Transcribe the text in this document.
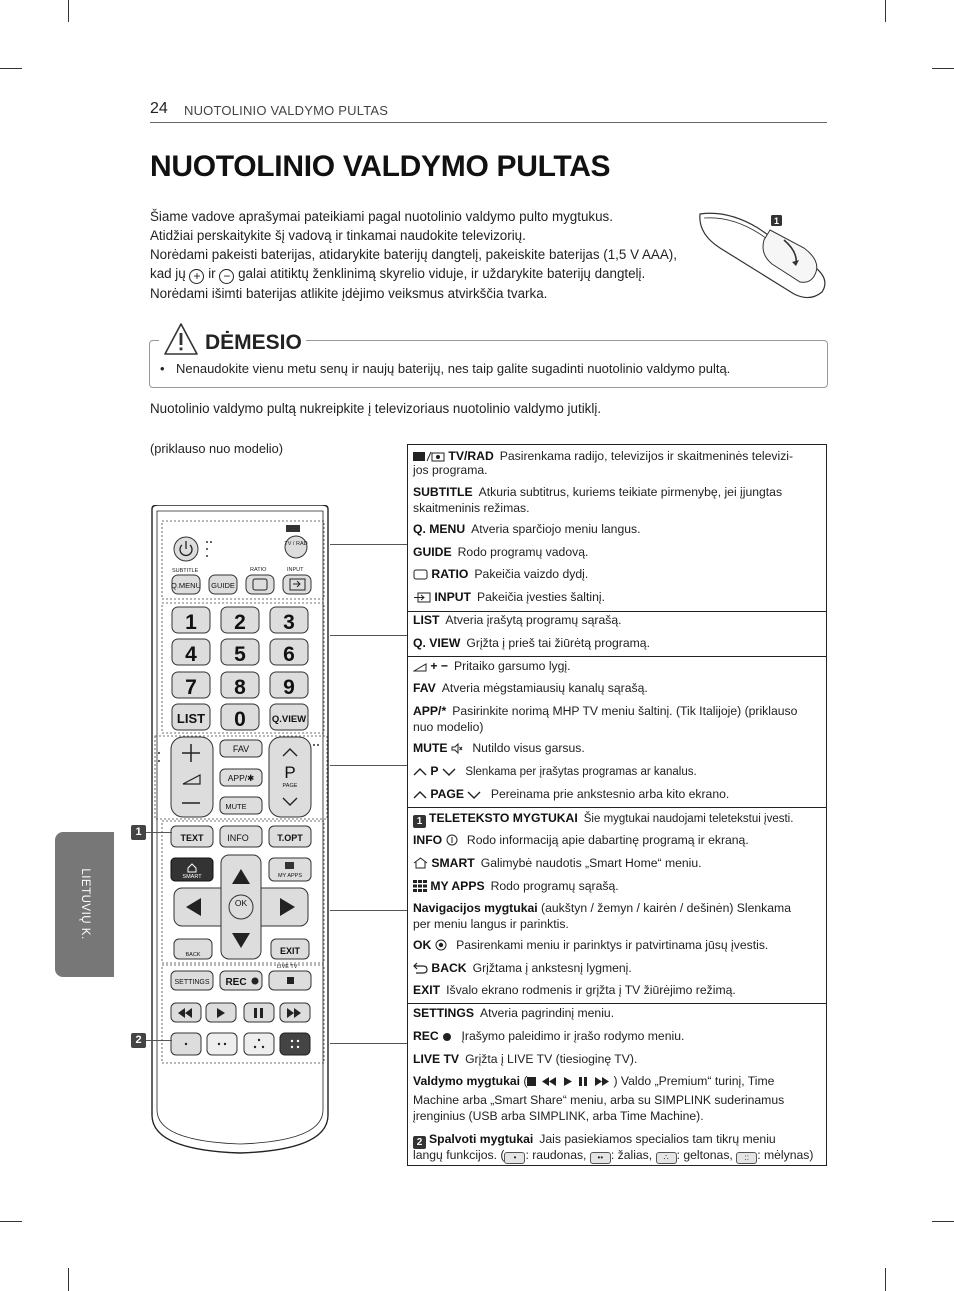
24 NUOTOLINIO VALDYMO PULTAS
NUOTOLINIO VALDYMO PULTAS

Šiame vadove aprašymai pateikiami pagal nuotolinio valdymo pulto mygtukus.

Atidžiai perskaitykite šį vadovą ir tinkamai naudokite televizorių.

Norėdami pakeisti baterijas, atidarykite baterijų dangtelį, pakeiskite baterijas (1,5 V AAA),

kad jų + ir − galai atitiktų ženklinimą skyrelio viduje, ir uždarykite baterijų dangtelį.

Norėdami išimti baterijas atlikite įdėjimo veiksmus atvirkščia tvarka.

1
DĖMESIO
• Nenaudokite vienu metu senų ir naujų baterijų, nes taip galite sugadinti nuotolinio valdymo pultą.
Nuotolinio valdymo pultą nukreipkite į televizoriaus nuotolinio valdymo jutiklį.
(priklauso nuo modelio)
LIETUVIŲ K.
TV / RAD
SUBTITLE	RATIO	INPUT
Q.MENU GUIDE
1 2 3
4 5 6
7 8 9
LIST 0	Q.VIEW
FAV
APP/✱
MUTE
P
PAGE
TEXT	INFO	T.OPT
SMART	MY APPS
OK
BACK	EXIT
SETTINGS REC
LIVE TV
1
2
TV/RAD Pasirenkama radijo, televizijos ir skaitmeninės televizi-
jos programa.
SUBTITLE Atkuria subtitrus, kuriems teikiate pirmenybę, jei įjungtas
skaitmeninis režimas.
Q. MENU Atveria sparčiojo meniu langus.
GUIDE Rodo programų vadovą.
RATIO Pakeičia vaizdo dydį.
INPUT Pakeičia įvesties šaltinį.
LIST Atveria įrašytą programų sąrašą.
Q. VIEW Grįžta į prieš tai žiūrėtą programą.
+ − Pritaiko garsumo lygį.
FAV Atveria mėgstamiausių kanalų sąrašą.
APP/* Pasirinkite norimą MHP TV meniu šaltinį. (Tik Italijoje) (priklauso
nuo modelio)
MUTE Nutildo visus garsus.
P Slenkama per įrašytas programas ar kanalus.
PAGE Pereinama prie ankstesnio arba kito ekrano.
1 TELETEKSTO MYGTUKAI Šie mygtukai naudojami teletekstui įvesti.
INFO Rodo informaciją apie dabartinę programą ir ekraną.
SMART Galimybė naudotis „Smart Home“ meniu.
MY APPS Rodo programų sąrašą.
Navigacijos mygtukai (aukštyn / žemyn / kairėn / dešinėn) Slenkama
per meniu langus ir parinktis.
OK Pasirenkami meniu ir parinktys ir patvirtinama jūsų įvestis.
BACK Grįžtama į ankstesnį lygmenį.
EXIT Išvalo ekrano rodmenis ir grįžta į TV žiūrėjimo režimą.
SETTINGS Atveria pagrindinį meniu.
REC Įrašymo paleidimo ir įrašo rodymo meniu.
LIVE TV Grįžta į LIVE TV (tiesioginę TV).
Valdymo mygtukai (	) Valdo „Premium“ turinį, Time
Machine arba „Smart Share“ meniu, arba su SIMPLINK suderinamus
įrenginius (USB arba SIMPLINK, arba Time Machine).
2 Spalvoti mygtukai Jais pasiekiamos specialios tam tikrų meniu
langų funkcijos. ( • : raudonas, •• : žalias, ∴ : geltonas, :: : mėlynas)
